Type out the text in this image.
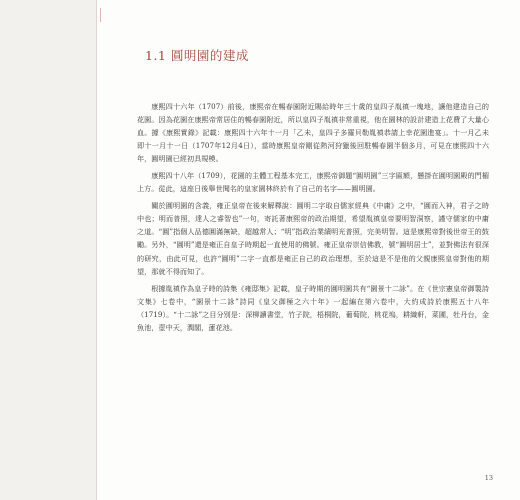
1.1 圓明園的建成

康熙四十六年（1707）前後，康熙帝在暢春園附近賜給時年三十歲的皇四子胤禛一塊地，讓他建造自己的花園。因為花園在康熙帝常居住的暢春園附近，所以皇四子胤禛非常重視，他在園林的設計建造上花費了大量心血。據《康熙實錄》記載：康熙四十六年十一月「乙未，皇四子多羅貝勒胤禛恭請上幸花園進宴」。十一月乙未即十一月十一日（1707年12月4日），當時康熙皇帝剛從熱河狩獵後回駐暢春園半個多月，可見在康熙四十六年，圓明園已經初具規模。

康熙四十八年（1709），花園的主體工程基本完工，康熙帝御題“圓明園”三字匾額，懸掛在圓明園殿的門楣上方。從此，這座日後舉世聞名的皇家園林終於有了自己的名字——圓明園。

關於圓明園的含義，雍正皇帝在後來解釋說：圓明二字取自儒家經典《中庸》之中，“圓而入神，君子之時中也；明而普照，達人之睿智也”一句，寄託著康熙帝的政治期望，希望胤禛皇帝要明智洞察，謹守儒家的中庸之道。“圓”指個人品德圓滿無缺，超越常人；“明”指政治業績明光普照，完美明智。這是康熙帝對後世帝王的鼓勵。另外，“圓明”還是雍正自皇子時期起一直使用的佛號。雍正皇帝崇信佛教，號“圓明居士”，並對佛法有很深的研究，由此可見，也許“圓明”二字一直都是雍正自己的政治理想，至於這是不是他的父親康熙皇帝對他的期望，那就不得而知了。

根據胤禛作為皇子時的詩集《雍邸集》記載，皇子時期的圓明園共有“園景十二詠”。在《世宗憲皇帝御製詩文集》七卷中，“園景十二詠”詩同《皇父御極之六十年》一起編在第六卷中，大約成詩於康熙五十八年（1719）。“十二詠”之目分別是：深柳讀書堂，竹子院，梧桐院，葡萄院，桃花塢，耕織軒，菜圃，牡丹台，金魚池，壺中天，潤閣，蓮花池。

13
